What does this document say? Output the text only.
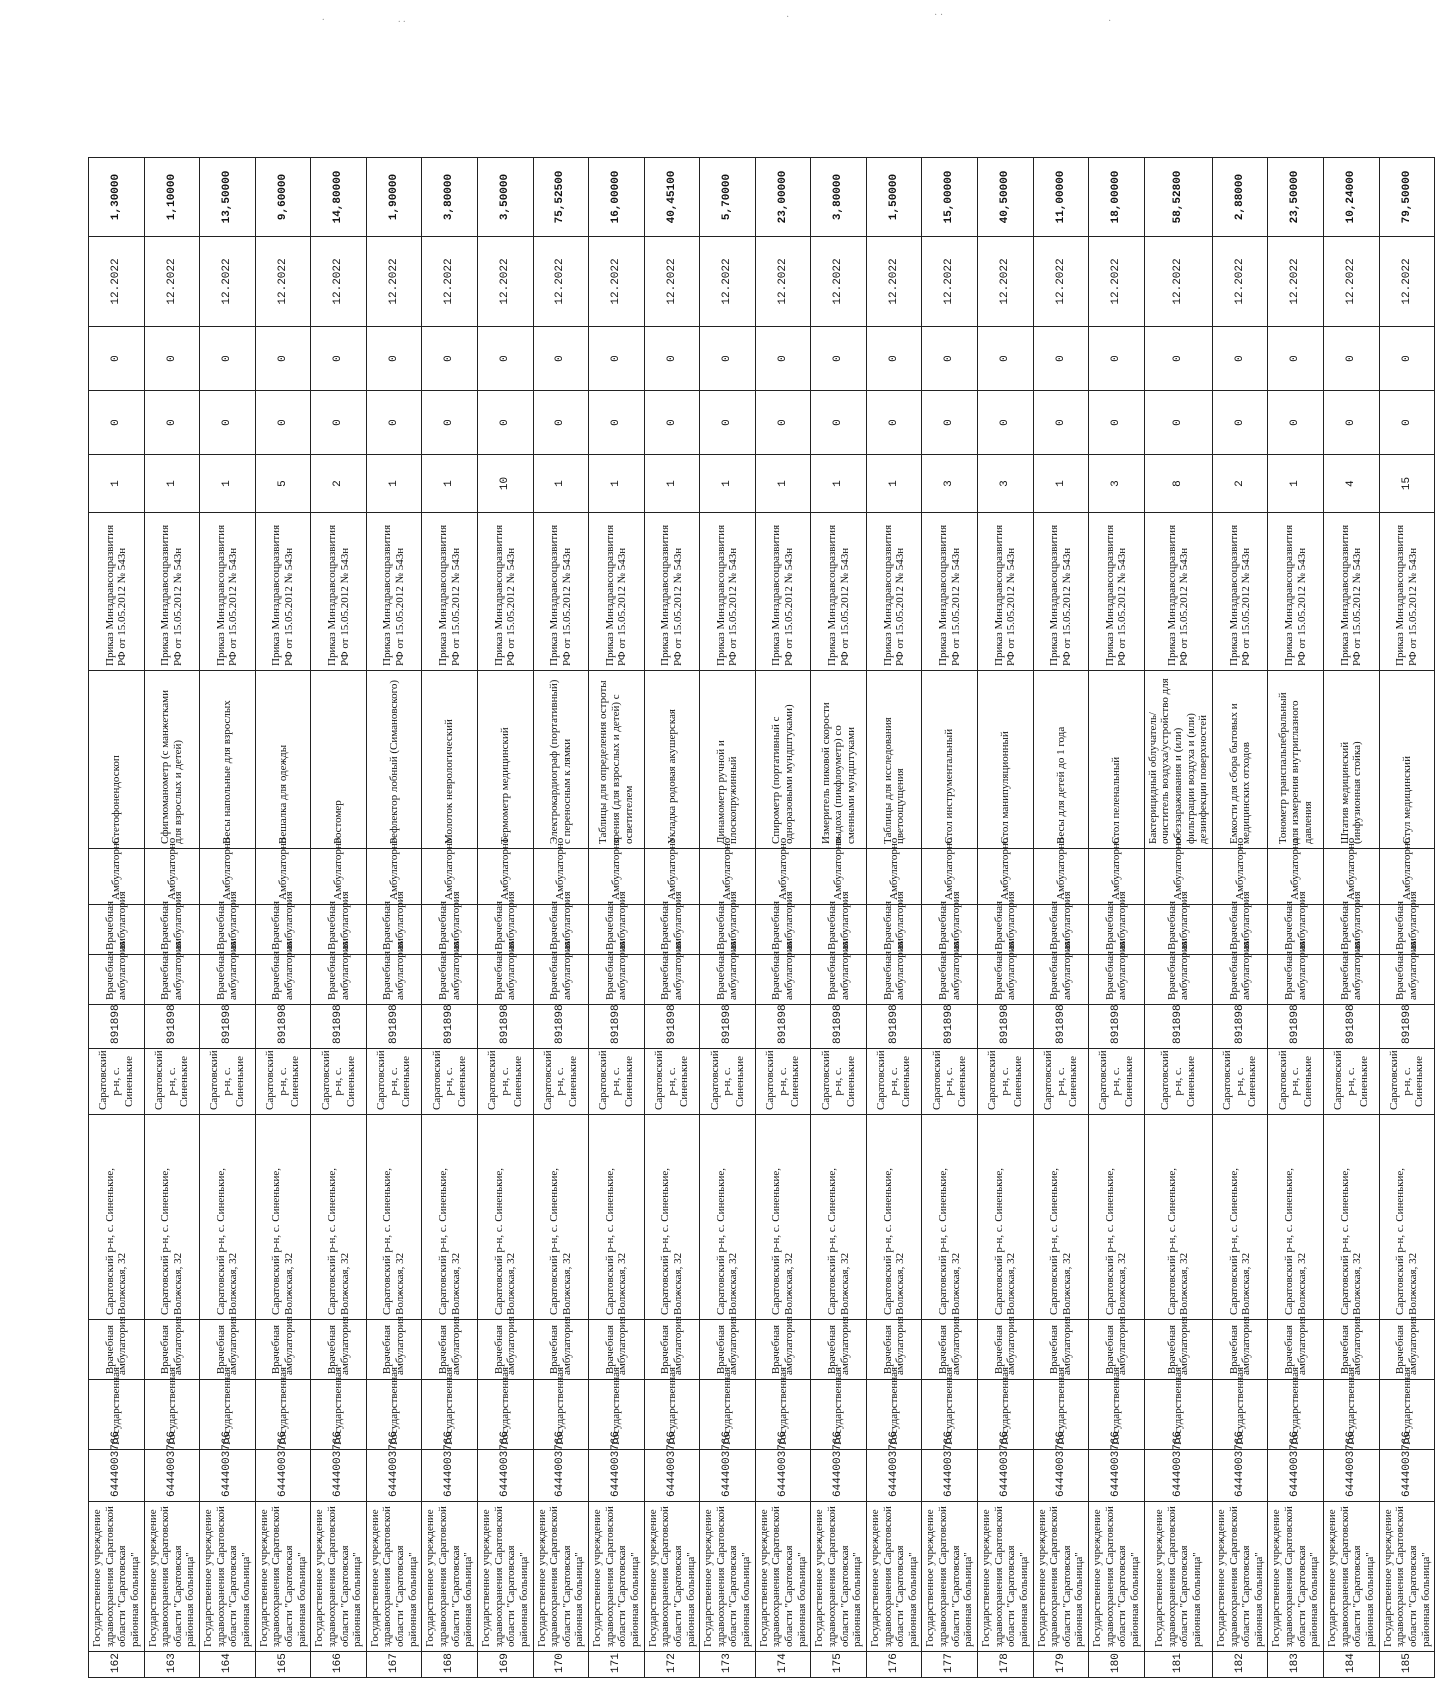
.	. .	·	· ·
·
162	Государственное учреждение здравоохранения Саратовской области "Саратовская районная больница"	6444003766	Государственная	Врачебная амбулатория	Саратовский р-н, с. Синенькие, Волжская, 32	Саратовский р-н, с. Синенькие	891898	Врачебная амбулатория	Врачебная амбулатория	Амбулаторно	Стетофонендоскоп	Приказ Минздравсоцразвития РФ от 15.05.2012 № 543н	1	0	0	12.2022	1,30000
163	Государственное учреждение здравоохранения Саратовской области "Саратовская районная больница"	6444003766	Государственная	Врачебная амбулатория	Саратовский р-н, с. Синенькие, Волжская, 32	Саратовский р-н, с. Синенькие	891898	Врачебная амбулатория	Врачебная амбулатория	Амбулаторно	Сфигмоманометр (с манжетками для взрослых и детей)	Приказ Минздравсоцразвития РФ от 15.05.2012 № 543н	1	0	0	12.2022	1,10000
164	Государственное учреждение здравоохранения Саратовской области "Саратовская районная больница"	6444003766	Государственная	Врачебная амбулатория	Саратовский р-н, с. Синенькие, Волжская, 32	Саратовский р-н, с. Синенькие	891898	Врачебная амбулатория	Врачебная амбулатория	Амбулаторно	Весы напольные для взрослых	Приказ Минздравсоцразвития РФ от 15.05.2012 № 543н	1	0	0	12.2022	13,50000
165	Государственное учреждение здравоохранения Саратовской области "Саратовская районная больница"	6444003766	Государственная	Врачебная амбулатория	Саратовский р-н, с. Синенькие, Волжская, 32	Саратовский р-н, с. Синенькие	891898	Врачебная амбулатория	Врачебная амбулатория	Амбулаторно	Вешалка для одежды	Приказ Минздравсоцразвития РФ от 15.05.2012 № 543н	5	0	0	12.2022	9,60000
166	Государственное учреждение здравоохранения Саратовской области "Саратовская районная больница"	6444003766	Государственная	Врачебная амбулатория	Саратовский р-н, с. Синенькие, Волжская, 32	Саратовский р-н, с. Синенькие	891898	Врачебная амбулатория	Врачебная амбулатория	Амбулаторно	Ростомер	Приказ Минздравсоцразвития РФ от 15.05.2012 № 543н	2	0	0	12.2022	14,80000
167	Государственное учреждение здравоохранения Саратовской области "Саратовская районная больница"	6444003766	Государственная	Врачебная амбулатория	Саратовский р-н, с. Синенькие, Волжская, 32	Саратовский р-н, с. Синенькие	891898	Врачебная амбулатория	Врачебная амбулатория	Амбулаторно	Рефлектор лобный (Симановского)	Приказ Минздравсоцразвития РФ от 15.05.2012 № 543н	1	0	0	12.2022	1,90000
168	Государственное учреждение здравоохранения Саратовской области "Саратовская районная больница"	6444003766	Государственная	Врачебная амбулатория	Саратовский р-н, с. Синенькие, Волжская, 32	Саратовский р-н, с. Синенькие	891898	Врачебная амбулатория	Врачебная амбулатория	Амбулаторно	Молоток неврологический	Приказ Минздравсоцразвития РФ от 15.05.2012 № 543н	1	0	0	12.2022	3,80000
169	Государственное учреждение здравоохранения Саратовской области "Саратовская районная больница"	6444003766	Государственная	Врачебная амбулатория	Саратовский р-н, с. Синенькие, Волжская, 32	Саратовский р-н, с. Синенькие	891898	Врачебная амбулатория	Врачебная амбулатория	Амбулаторно	Термометр медицинский	Приказ Минздравсоцразвития РФ от 15.05.2012 № 543н	10	0	0	12.2022	3,50000
170	Государственное учреждение здравоохранения Саратовской области "Саратовская районная больница"	6444003766	Государственная	Врачебная амбулатория	Саратовский р-н, с. Синенькие, Волжская, 32	Саратовский р-н, с. Синенькие	891898	Врачебная амбулатория	Врачебная амбулатория	Амбулаторно	Электрокардиограф (портативный) с переносным к лямки	Приказ Минздравсоцразвития РФ от 15.05.2012 № 543н	1	0	0	12.2022	75,52500
171	Государственное учреждение здравоохранения Саратовской области "Саратовская районная больница"	6444003766	Государственная	Врачебная амбулатория	Саратовский р-н, с. Синенькие, Волжская, 32	Саратовский р-н, с. Синенькие	891898	Врачебная амбулатория	Врачебная амбулатория	Амбулаторно	Таблицы для определения остроты зрения (для взрослых и детей) с осветителем	Приказ Минздравсоцразвития РФ от 15.05.2012 № 543н	1	0	0	12.2022	16,00000
172	Государственное учреждение здравоохранения Саратовской области "Саратовская районная больница"	6444003766	Государственная	Врачебная амбулатория	Саратовский р-н, с. Синенькие, Волжская, 32	Саратовский р-н, с. Синенькие	891898	Врачебная амбулатория	Врачебная амбулатория	Амбулаторно	Укладка родовая акушерская	Приказ Минздравсоцразвития РФ от 15.05.2012 № 543н	1	0	0	12.2022	40,45100
173	Государственное учреждение здравоохранения Саратовской области "Саратовская районная больница"	6444003766	Государственная	Врачебная амбулатория	Саратовский р-н, с. Синенькие, Волжская, 32	Саратовский р-н, с. Синенькие	891898	Врачебная амбулатория	Врачебная амбулатория	Амбулаторно	Динамометр ручной и плоскопружинный	Приказ Минздравсоцразвития РФ от 15.05.2012 № 543н	1	0	0	12.2022	5,70000
174	Государственное учреждение здравоохранения Саратовской области "Саратовская районная больница"	6444003766	Государственная	Врачебная амбулатория	Саратовский р-н, с. Синенькие, Волжская, 32	Саратовский р-н, с. Синенькие	891898	Врачебная амбулатория	Врачебная амбулатория	Амбулаторно	Спирометр (портативный с одноразовыми мундштуками)	Приказ Минздравсоцразвития РФ от 15.05.2012 № 543н	1	0	0	12.2022	23,00000
175	Государственное учреждение здравоохранения Саратовской области "Саратовская районная больница"	6444003766	Государственная	Врачебная амбулатория	Саратовский р-н, с. Синенькие, Волжская, 32	Саратовский р-н, с. Синенькие	891898	Врачебная амбулатория	Врачебная амбулатория	Амбулаторно	Измеритель пиковой скорости выдоха (пикфлоуметр) со сменными мундштуками	Приказ Минздравсоцразвития РФ от 15.05.2012 № 543н	1	0	0	12.2022	3,80000
176	Государственное учреждение здравоохранения Саратовской области "Саратовская районная больница"	6444003766	Государственная	Врачебная амбулатория	Саратовский р-н, с. Синенькие, Волжская, 32	Саратовский р-н, с. Синенькие	891898	Врачебная амбулатория	Врачебная амбулатория	Амбулаторно	Таблицы для исследования цветоощущения	Приказ Минздравсоцразвития РФ от 15.05.2012 № 543н	1	0	0	12.2022	1,50000
177	Государственное учреждение здравоохранения Саратовской области "Саратовская районная больница"	6444003766	Государственная	Врачебная амбулатория	Саратовский р-н, с. Синенькие, Волжская, 32	Саратовский р-н, с. Синенькие	891898	Врачебная амбулатория	Врачебная амбулатория	Амбулаторно	Стол инструментальный	Приказ Минздравсоцразвития РФ от 15.05.2012 № 543н	3	0	0	12.2022	15,00000
178	Государственное учреждение здравоохранения Саратовской области "Саратовская районная больница"	6444003766	Государственная	Врачебная амбулатория	Саратовский р-н, с. Синенькие, Волжская, 32	Саратовский р-н, с. Синенькие	891898	Врачебная амбулатория	Врачебная амбулатория	Амбулаторно	Стол манипуляционный	Приказ Минздравсоцразвития РФ от 15.05.2012 № 543н	3	0	0	12.2022	40,50000
179	Государственное учреждение здравоохранения Саратовской области "Саратовская районная больница"	6444003766	Государственная	Врачебная амбулатория	Саратовский р-н, с. Синенькие, Волжская, 32	Саратовский р-н, с. Синенькие	891898	Врачебная амбулатория	Врачебная амбулатория	Амбулаторно	Весы для детей до 1 года	Приказ Минздравсоцразвития РФ от 15.05.2012 № 543н	1	0	0	12.2022	11,00000
180	Государственное учреждение здравоохранения Саратовской области "Саратовская районная больница"	6444003766	Государственная	Врачебная амбулатория	Саратовский р-н, с. Синенькие, Волжская, 32	Саратовский р-н, с. Синенькие	891898	Врачебная амбулатория	Врачебная амбулатория	Амбулаторно	Стол пеленальный	Приказ Минздравсоцразвития РФ от 15.05.2012 № 543н	3	0	0	12.2022	18,00000
181	Государственное учреждение здравоохранения Саратовской области "Саратовская районная больница"	6444003766	Государственная	Врачебная амбулатория	Саратовский р-н, с. Синенькие, Волжская, 32	Саратовский р-н, с. Синенькие	891898	Врачебная амбулатория	Врачебная амбулатория	Амбулаторно	Бактерицидный облучатель/очиститель воздуха/устройство для обеззараживания и (или) фильтрации воздуха и (или) дезинфекции поверхностей	Приказ Минздравсоцразвития РФ от 15.05.2012 № 543н	8	0	0	12.2022	58,52800
182	Государственное учреждение здравоохранения Саратовской области "Саратовская районная больница"	6444003766	Государственная	Врачебная амбулатория	Саратовский р-н, с. Синенькие, Волжская, 32	Саратовский р-н, с. Синенькие	891898	Врачебная амбулатория	Врачебная амбулатория	Амбулаторно	Емкости для сбора бытовых и медицинских отходов	Приказ Минздравсоцразвития РФ от 15.05.2012 № 543н	2	0	0	12.2022	2,88000
183	Государственное учреждение здравоохранения Саратовской области "Саратовская районная больница"	6444003766	Государственная	Врачебная амбулатория	Саратовский р-н, с. Синенькие, Волжская, 32	Саратовский р-н, с. Синенькие	891898	Врачебная амбулатория	Врачебная амбулатория	Амбулаторно	Тонометр транспальпебральный для измерения внутриглазного давления	Приказ Минздравсоцразвития РФ от 15.05.2012 № 543н	1	0	0	12.2022	23,50000
184	Государственное учреждение здравоохранения Саратовской области "Саратовская районная больница"	6444003766	Государственная	Врачебная амбулатория	Саратовский р-н, с. Синенькие, Волжская, 32	Саратовский р-н, с. Синенькие	891898	Врачебная амбулатория	Врачебная амбулатория	Амбулаторно	Штатив медицинский (инфузионная стойка)	Приказ Минздравсоцразвития РФ от 15.05.2012 № 543н	4	0	0	12.2022	10,24000
185	Государственное учреждение здравоохранения Саратовской области "Саратовская районная больница"	6444003766	Государственная	Врачебная амбулатория	Саратовский р-н, с. Синенькие, Волжская, 32	Саратовский р-н, с. Синенькие	891898	Врачебная амбулатория	Врачебная амбулатория	Амбулаторно	Стул медицинский	Приказ Минздравсоцразвития РФ от 15.05.2012 № 543н	15	0	0	12.2022	79,50000
